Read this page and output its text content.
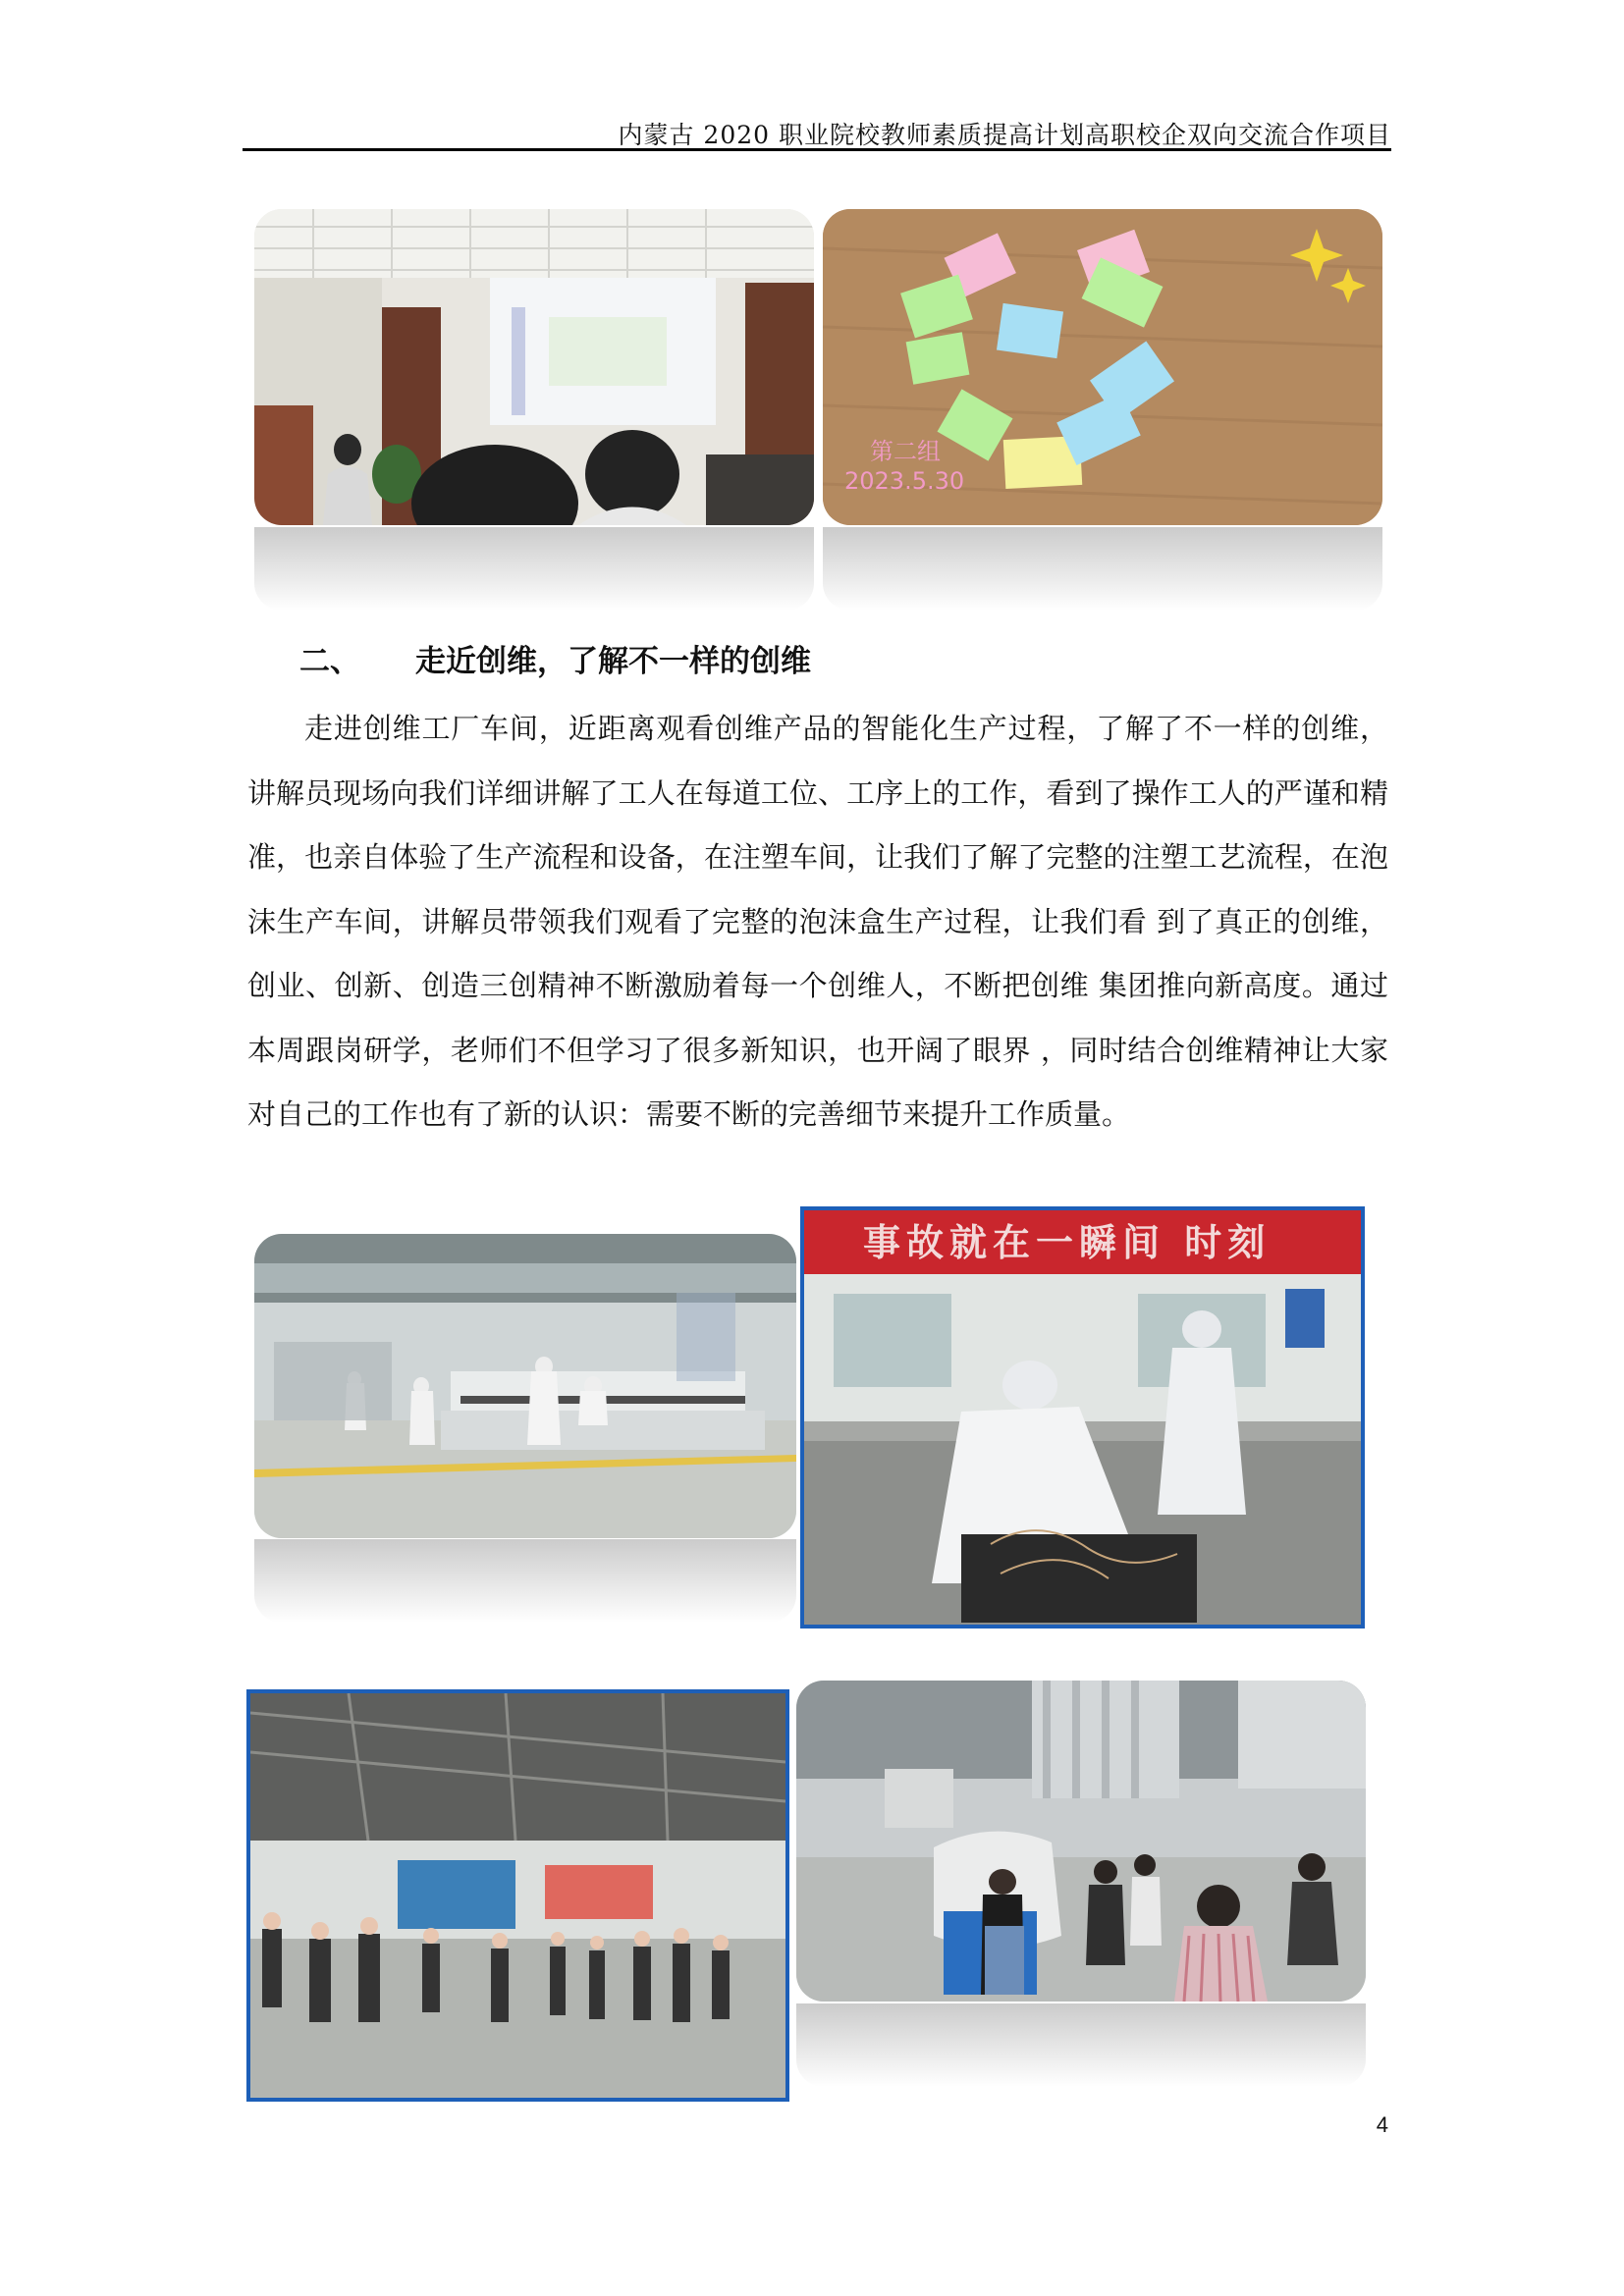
内蒙古 2020 职业院校教师素质提高计划高职校企双向交流合作项目
第二组
2023.5.30
二、 走近创维，了解不一样的创维

走进创维工厂车间，近距离观看创维产品的智能化生产过程，了解了不一样的创维， 讲解员现场向我们详细讲解了工人在每道工位、工序上的工作，看到了操作工人的严谨和精准，也亲自体验了生产流程和设备，在注塑车间，让我们了解了完整的注塑工艺流程，在泡沫生产车间，讲解员带领我们观看了完整的泡沫盒生产过程，让我们看 到了真正的创维，创业、创新、创造三创精神不断激励着每一个创维人，不断把创维 集团推向新高度。通过本周跟岗研学，老师们不但学习了很多新知识，也开阔了眼界 ，同时结合创维精神让大家对自己的工作也有了新的认识：需要不断的完善细节来提升工作质量。

事故就在一瞬间 时刻
4
